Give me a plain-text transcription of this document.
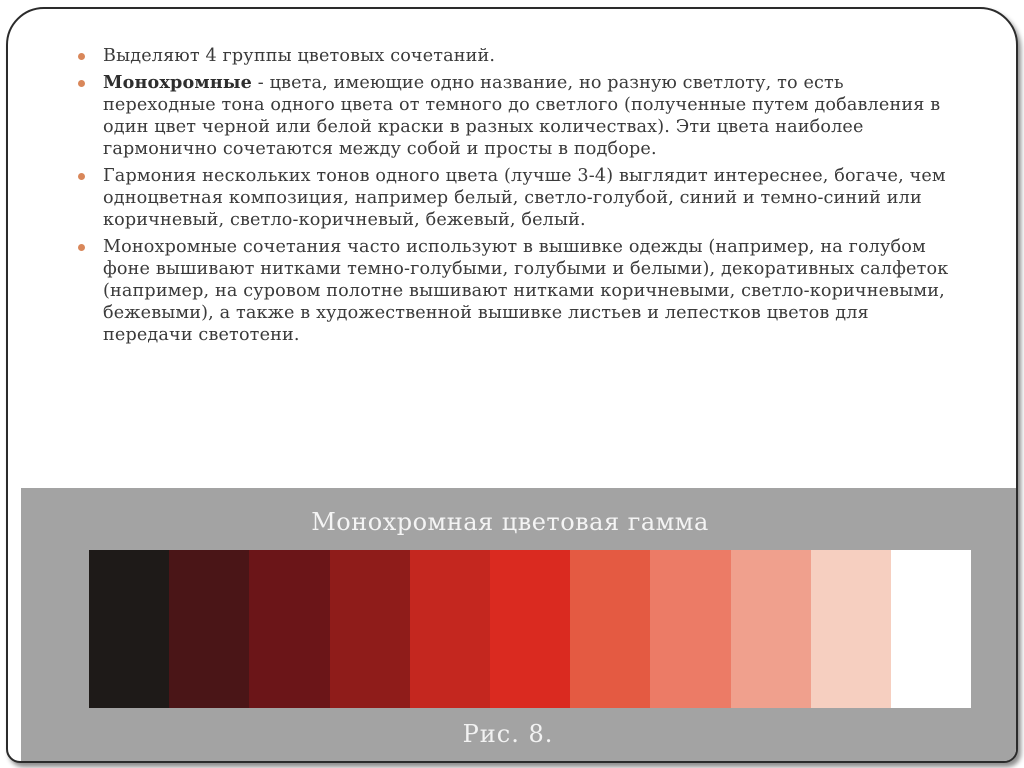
Выделяют 4 группы цветовых сочетаний.
Монохромные - цвета, имеющие одно название, но разную светлоту, то есть переходные тона одного цвета от темного до светлого (полученные путем добавления в один цвет черной или белой краски в разных количествах). Эти цвета наиболее гармонично сочетаются между собой и просты в подборе.
Гармония нескольких тонов одного цвета (лучше 3-4) выглядит интереснее, богаче, чем одноцветная композиция, например белый, светло-голубой, синий и темно-синий или коричневый, светло-коричневый, бежевый, белый.
Монохромные сочетания часто используют в вышивке одежды (например, на голубом фоне вышивают нитками темно-голубыми, голубыми и белыми), декоративных салфеток (например, на суровом полотне вышивают нитками коричневыми, светло-коричневыми, бежевыми), а также в художественной вышивке листьев и лепестков цветов для передачи светотени.
Монохромная цветовая гамма
Рис. 8.
